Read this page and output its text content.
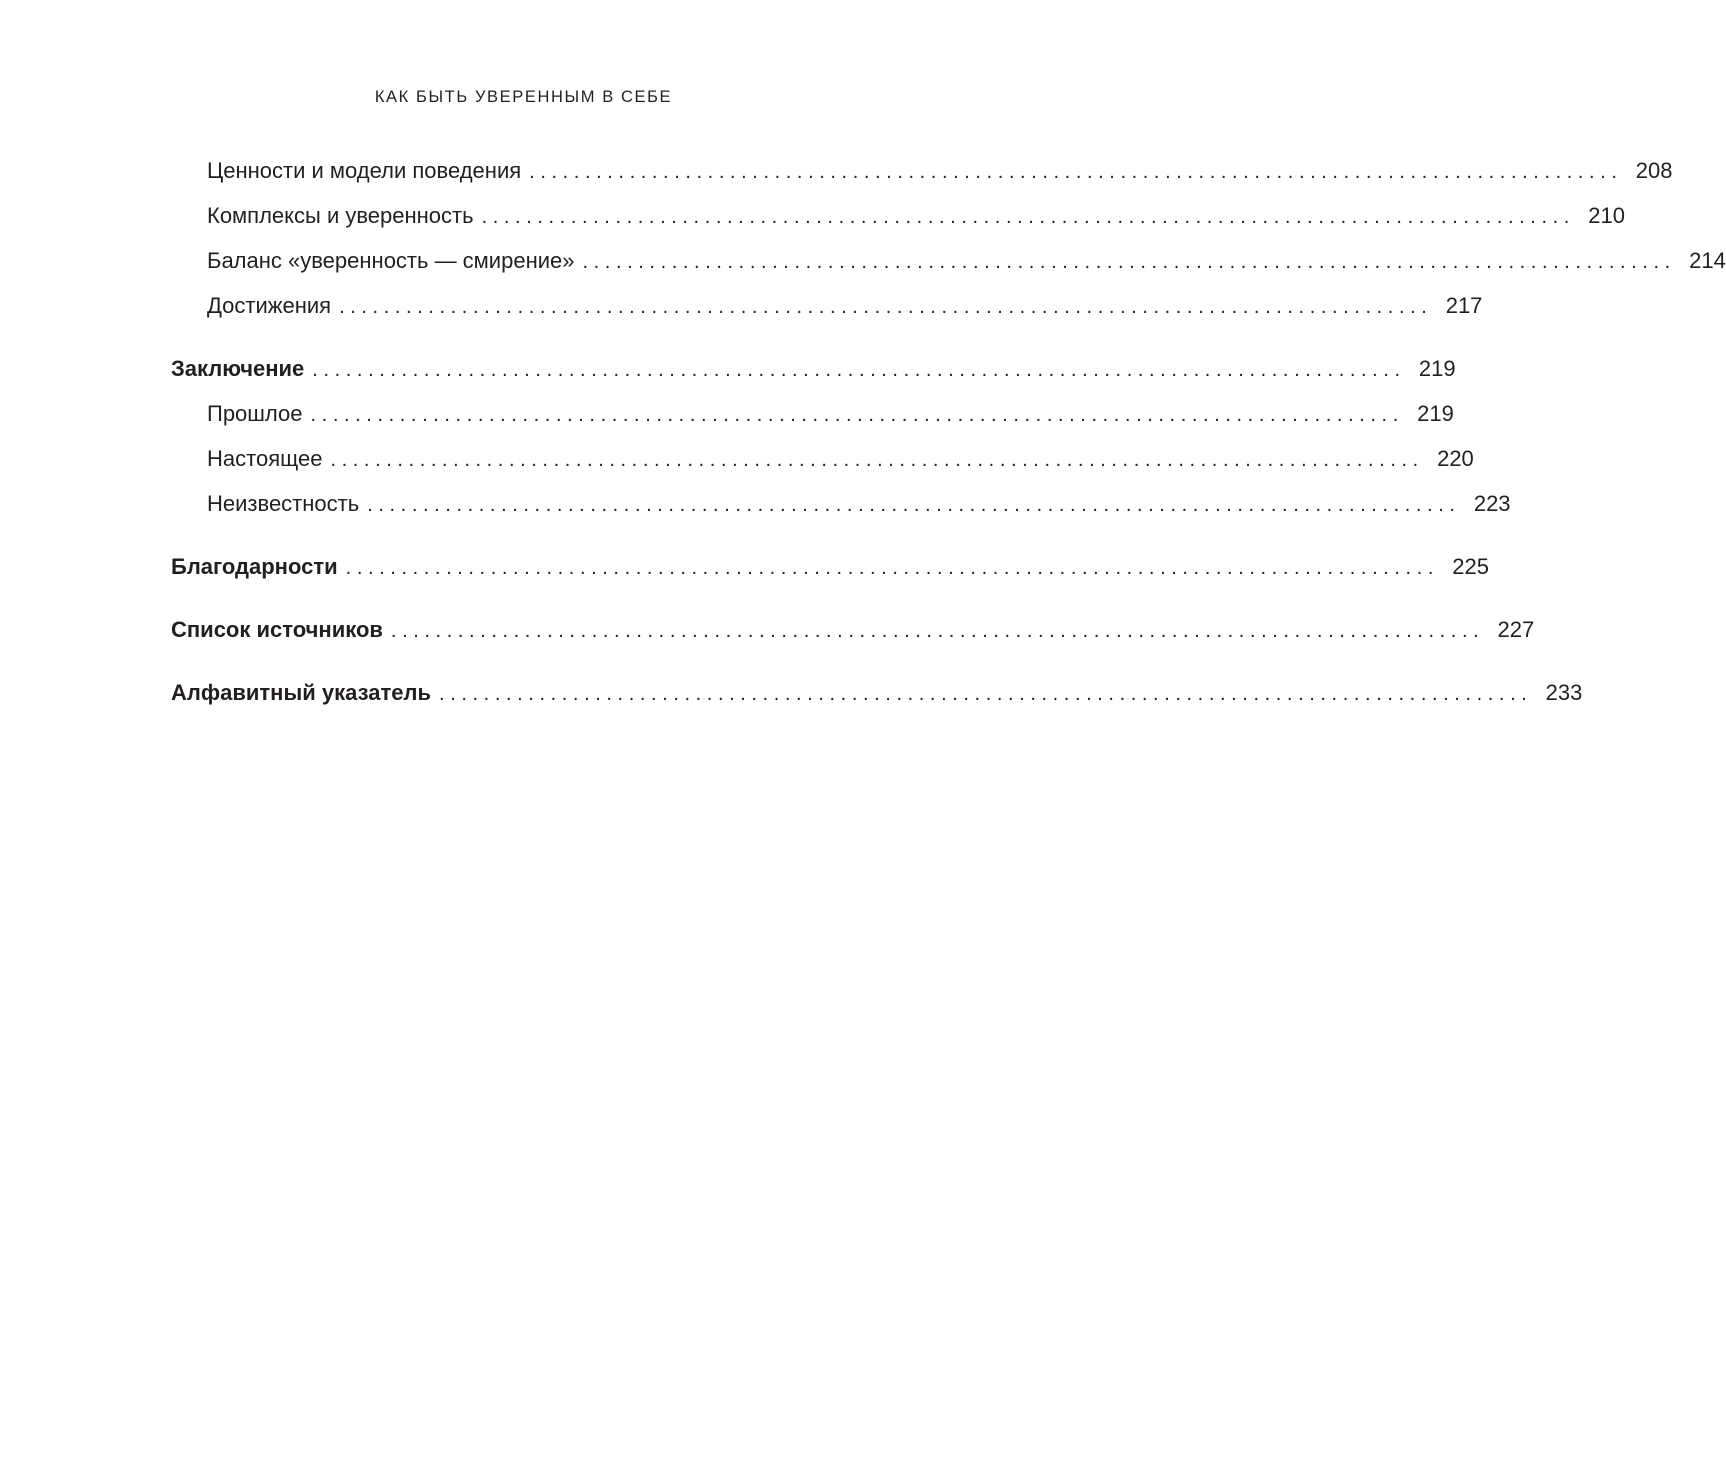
КАК БЫТЬ УВЕРЕННЫМ В СЕБЕ
Ценности и модели поведения .................................................................................................. 208
Комплексы и уверенность .................................................................................................. 210
Баланс «уверенность — смирение» .................................................................................................. 214
Достижения .................................................................................................. 217
Заключение .................................................................................................. 219
Прошлое .................................................................................................. 219
Настоящее .................................................................................................. 220
Неизвестность .................................................................................................. 223
Благодарности .................................................................................................. 225
Список источников .................................................................................................. 227
Алфавитный указатель .................................................................................................. 233
